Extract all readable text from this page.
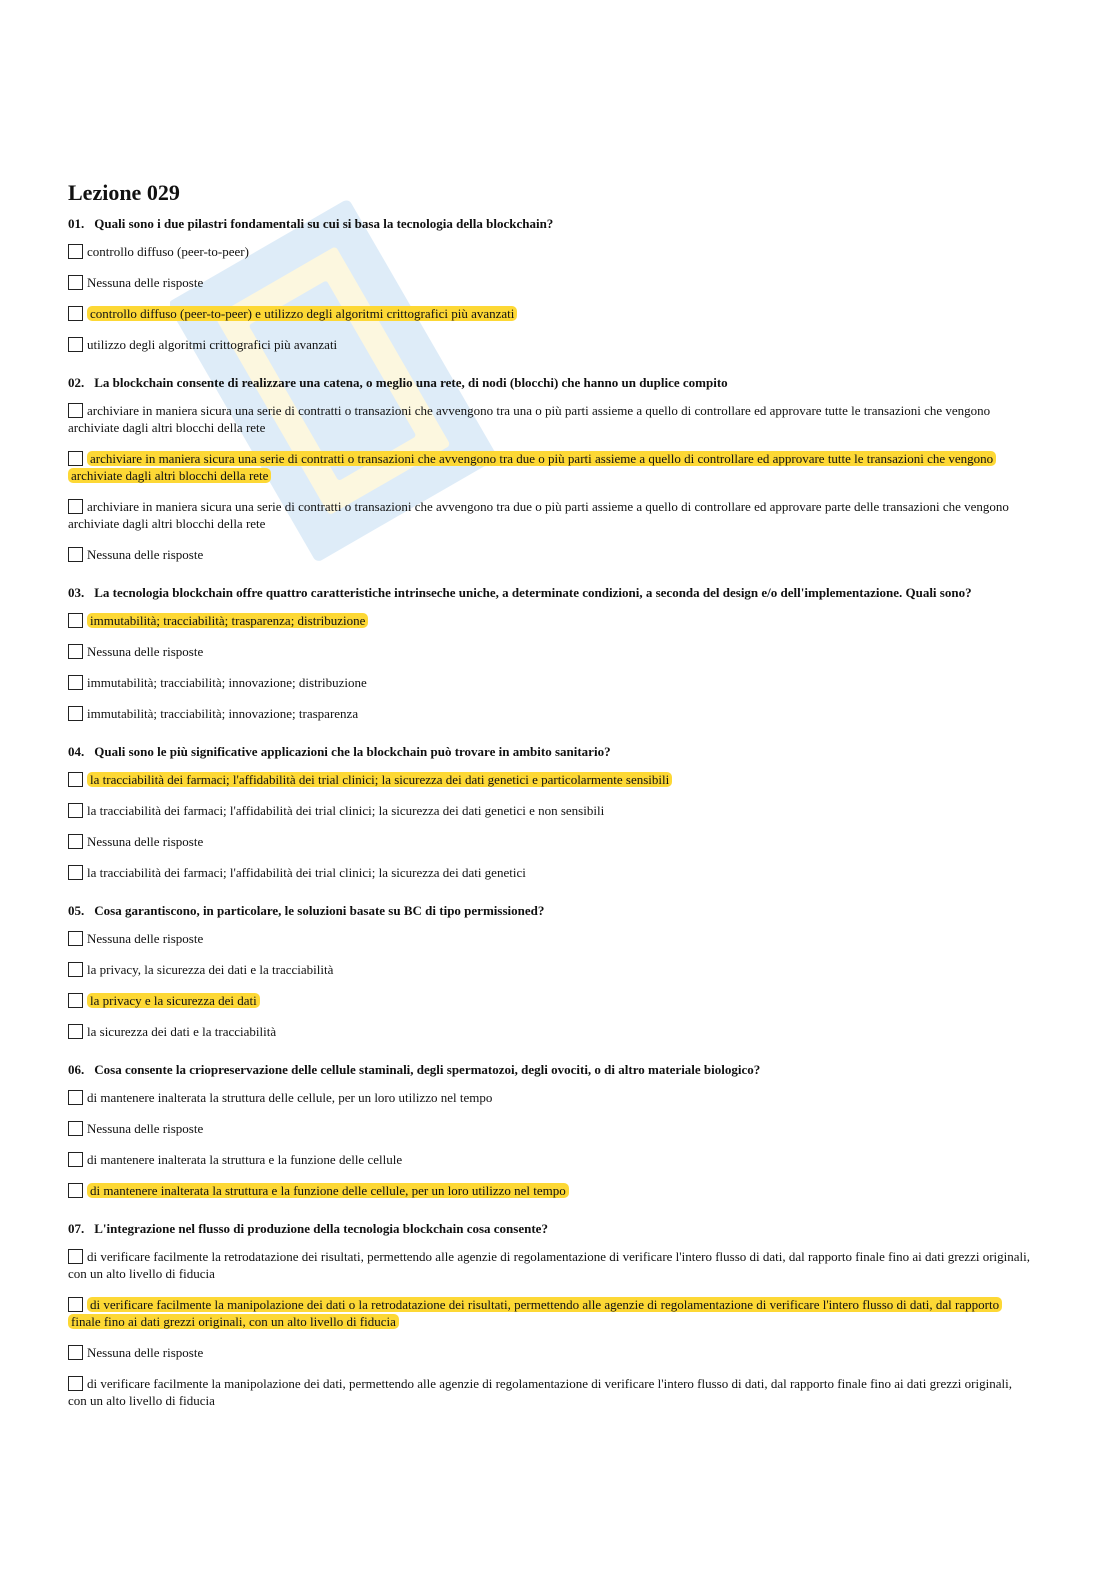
Lezione 029
01. Quali sono i due pilastri fondamentali su cui si basa la tecnologia della blockchain?
controllo diffuso (peer-to-peer)
Nessuna delle risposte
controllo diffuso (peer-to-peer) e utilizzo degli algoritmi crittografici più avanzati
utilizzo degli algoritmi crittografici più avanzati
02. La blockchain consente di realizzare una catena, o meglio una rete, di nodi (blocchi) che hanno un duplice compito
archiviare in maniera sicura una serie di contratti o transazioni che avvengono tra una o più parti assieme a quello di controllare ed approvare tutte le transazioni che vengono archiviate dagli altri blocchi della rete
archiviare in maniera sicura una serie di contratti o transazioni che avvengono tra due o più parti assieme a quello di controllare ed approvare tutte le transazioni che vengono archiviate dagli altri blocchi della rete
archiviare in maniera sicura una serie di contratti o transazioni che avvengono tra due o più parti assieme a quello di controllare ed approvare parte delle transazioni che vengono archiviate dagli altri blocchi della rete
Nessuna delle risposte
03. La tecnologia blockchain offre quattro caratteristiche intrinseche uniche, a determinate condizioni, a seconda del design e/o dell'implementazione. Quali sono?
immutabilità; tracciabilità; trasparenza; distribuzione
Nessuna delle risposte
immutabilità; tracciabilità; innovazione; distribuzione
immutabilità; tracciabilità; innovazione; trasparenza
04. Quali sono le più significative applicazioni che la blockchain può trovare in ambito sanitario?
la tracciabilità dei farmaci; l'affidabilità dei trial clinici; la sicurezza dei dati genetici e particolarmente sensibili
la tracciabilità dei farmaci; l'affidabilità dei trial clinici; la sicurezza dei dati genetici e non sensibili
Nessuna delle risposte
la tracciabilità dei farmaci; l'affidabilità dei trial clinici; la sicurezza dei dati genetici
05. Cosa garantiscono, in particolare, le soluzioni basate su BC di tipo permissioned?
Nessuna delle risposte
la privacy, la sicurezza dei dati e la tracciabilità
la privacy e la sicurezza dei dati
la sicurezza dei dati e la tracciabilità
06. Cosa consente la criopreservazione delle cellule staminali, degli spermatozoi, degli ovociti, o di altro materiale biologico?
di mantenere inalterata la struttura delle cellule, per un loro utilizzo nel tempo
Nessuna delle risposte
di mantenere inalterata la struttura e la funzione delle cellule
di mantenere inalterata la struttura e la funzione delle cellule, per un loro utilizzo nel tempo
07. L'integrazione nel flusso di produzione della tecnologia blockchain cosa consente?
di verificare facilmente la retrodatazione dei risultati, permettendo alle agenzie di regolamentazione di verificare l'intero flusso di dati, dal rapporto finale fino ai dati grezzi originali, con un alto livello di fiducia
di verificare facilmente la manipolazione dei dati o la retrodatazione dei risultati, permettendo alle agenzie di regolamentazione di verificare l'intero flusso di dati, dal rapporto finale fino ai dati grezzi originali, con un alto livello di fiducia
Nessuna delle risposte
di verificare facilmente la manipolazione dei dati, permettendo alle agenzie di regolamentazione di verificare l'intero flusso di dati, dal rapporto finale fino ai dati grezzi originali, con un alto livello di fiducia
